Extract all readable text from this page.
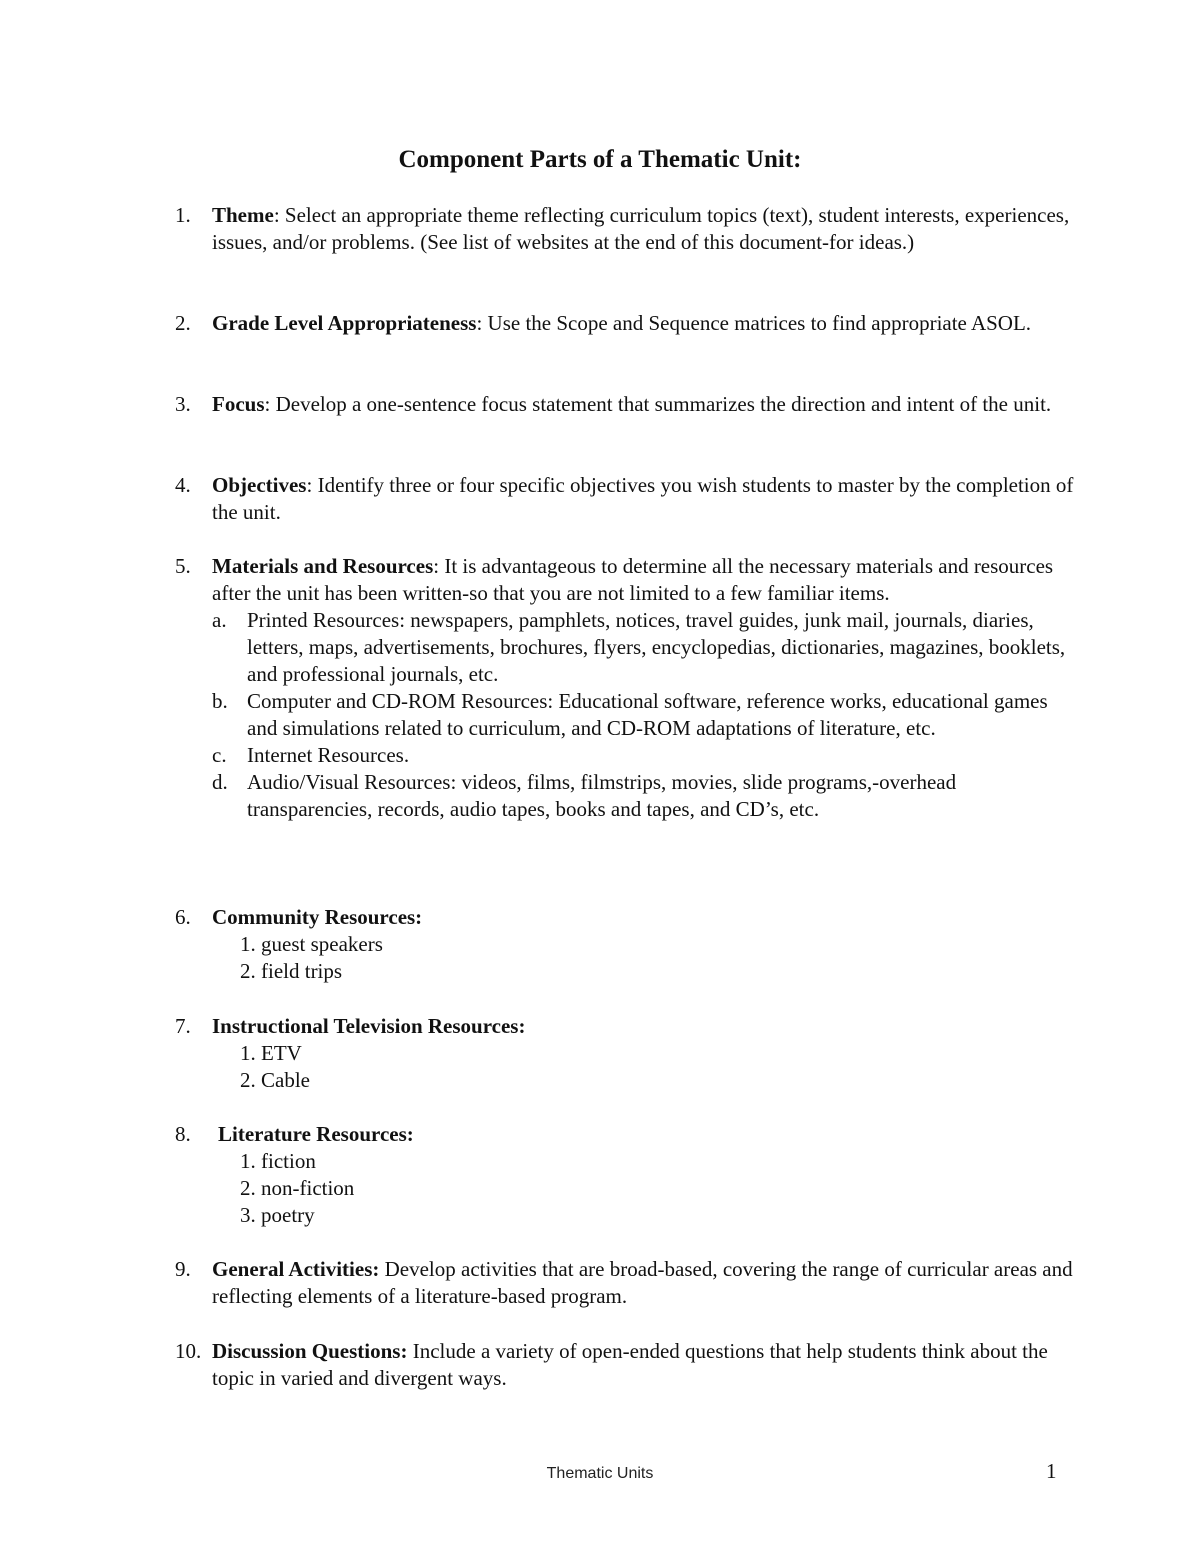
Component Parts of a Thematic Unit:
1. Theme: Select an appropriate theme reflecting curriculum topics (text), student interests, experiences, issues, and/or problems. (See list of websites at the end of this document-for ideas.)
2. Grade Level Appropriateness: Use the Scope and Sequence matrices to find appropriate ASOL.
3. Focus: Develop a one-sentence focus statement that summarizes the direction and intent of the unit.
4. Objectives: Identify three or four specific objectives you wish students to master by the completion of the unit.
5. Materials and Resources: It is advantageous to determine all the necessary materials and resources after the unit has been written-so that you are not limited to a few familiar items.
a. Printed Resources: newspapers, pamphlets, notices, travel guides, junk mail, journals, diaries, letters, maps, advertisements, brochures, flyers, encyclopedias, dictionaries, magazines, booklets, and professional journals, etc.
b. Computer and CD-ROM Resources: Educational software, reference works, educational games and simulations related to curriculum, and CD-ROM adaptations of literature, etc.
c. Internet Resources.
d. Audio/Visual Resources: videos, films, filmstrips, movies, slide programs,-overhead transparencies, records, audio tapes, books and tapes, and CD’s, etc.
6. Community Resources:
1. guest speakers
2. field trips
7. Instructional Television Resources:
1. ETV
2. Cable
8. Literature Resources:
1. fiction
2. non-fiction
3. poetry
9. General Activities: Develop activities that are broad-based, covering the range of curricular areas and reflecting elements of a literature-based program.
10. Discussion Questions: Include a variety of open-ended questions that help students think about the topic in varied and divergent ways.
Thematic Units	1
